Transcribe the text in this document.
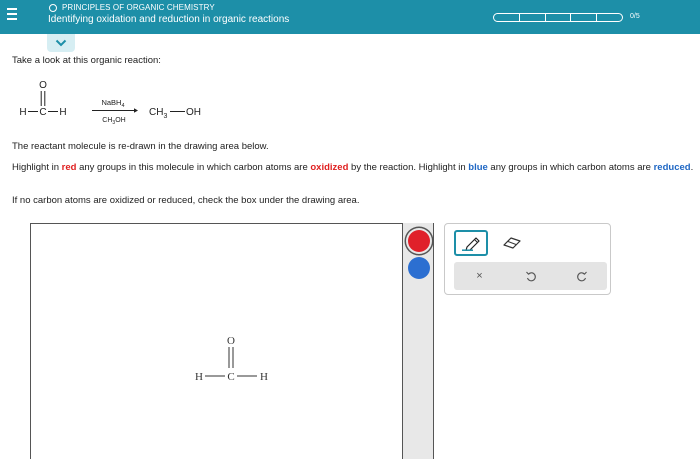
PRINCIPLES OF ORGANIC CHEMISTRY
Identifying oxidation and reduction in organic reactions	0/5
Take a look at this organic reaction:
O
H C H
NaBH$_4$
$CH_3OH$
$CH_3$ OH
The reactant molecule is re-drawn in the drawing area below.
Highlight in red any groups in this molecule in which carbon atoms are oxidized by the reaction. Highlight in blue any groups in which carbon atoms are reduced.
If no carbon atoms are oxidized or reduced, check the box under the drawing area.
O
H C H
×
